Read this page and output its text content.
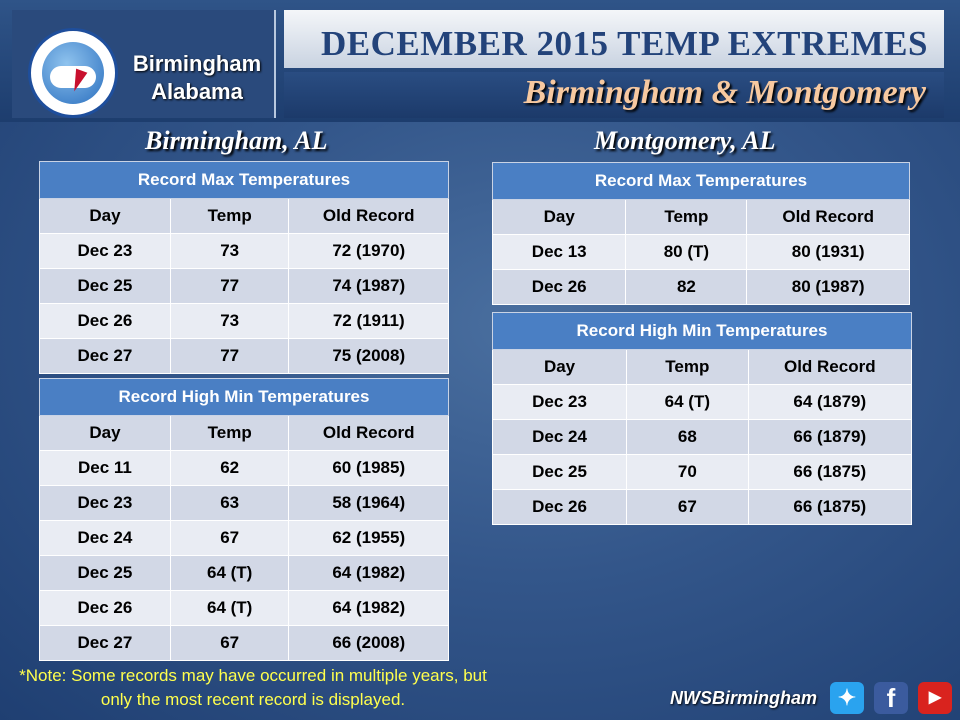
Birmingham
Alabama
DECEMBER 2015 TEMP EXTREMES
Birmingham & Montgomery
Birmingham, AL
Record Max Temperatures		
Day	Temp	Old Record
Dec 23	73	72 (1970)
Dec 25	77	74 (1987)
Dec 26	73	72 (1911)
Dec 27	77	75 (2008)
Record High Min Temperatures		
Day	Temp	Old Record
Dec 11	62	60 (1985)
Dec 23	63	58 (1964)
Dec 24	67	62 (1955)
Dec 25	64 (T)	64 (1982)
Dec 26	64 (T)	64 (1982)
Dec 27	67	66 (2008)
Montgomery, AL
Record Max Temperatures		
Day	Temp	Old Record
Dec 13	80 (T)	80 (1931)
Dec 26	82	80 (1987)
Record High Min Temperatures		
Day	Temp	Old Record
Dec 23	64 (T)	64 (1879)
Dec 24	68	66 (1879)
Dec 25	70	66 (1875)
Dec 26	67	66 (1875)
*Note: Some records may have occurred in multiple years, but only the most recent record is displayed.	NWSBirmingham ✦	f	▶
